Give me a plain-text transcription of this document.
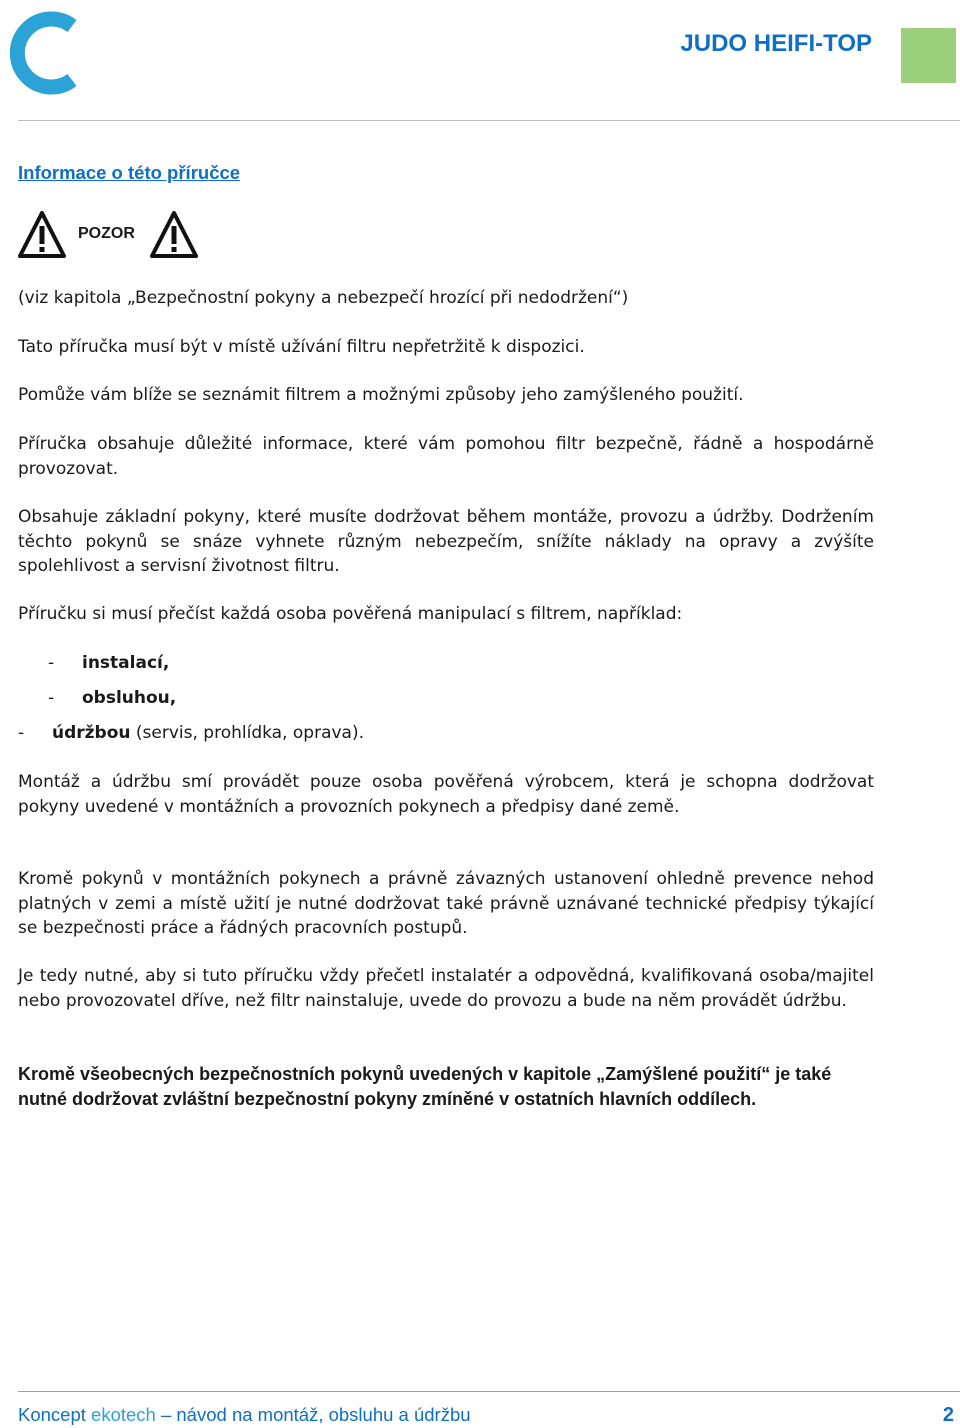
JUDO HEIFI-TOP
Informace o této příručce
POZOR

(viz kapitola „Bezpečnostní pokyny a nebezpečí hrozící při nedodržení“)

Tato příručka musí být v místě užívání filtru nepřetržitě k dispozici.

Pomůže vám blíže se seznámit filtrem a možnými způsoby jeho zamýšleného použití.

Příručka obsahuje důležité informace, které vám pomohou filtr bezpečně, řádně a hospodárně provozovat.

Obsahuje základní pokyny, které musíte dodržovat během montáže, provozu a údržby. Dodržením těchto pokynů se snáze vyhnete různým nebezpečím, snížíte náklady na opravy a zvýšíte spolehlivost a servisní životnost filtru.

Příručku si musí přečíst každá osoba pověřená manipulací s filtrem, například:

- instalací,

- obsluhou,

- údržbou (servis, prohlídka, oprava).

Montáž a údržbu smí provádět pouze osoba pověřená výrobcem, která je schopna dodržovat pokyny uvedené v montážních a provozních pokynech a předpisy dané země.

Kromě pokynů v montážních pokynech a právně závazných ustanovení ohledně prevence nehod platných v zemi a místě užití je nutné dodržovat také právně uznávané technické předpisy týkající se bezpečnosti práce a řádných pracovních postupů.

Je tedy nutné, aby si tuto příručku vždy přečetl instalatér a odpovědná, kvalifikovaná osoba/majitel nebo provozovatel dříve, než filtr nainstaluje, uvede do provozu a bude na něm provádět údržbu.

Kromě všeobecných bezpečnostních pokynů uvedených v kapitole „Zamýšlené použití“ je také nutné dodržovat zvláštní bezpečnostní pokyny zmíněné v ostatních hlavních oddílech.

Koncept ekotech – návod na montáž, obsluhu a údržbu	2
